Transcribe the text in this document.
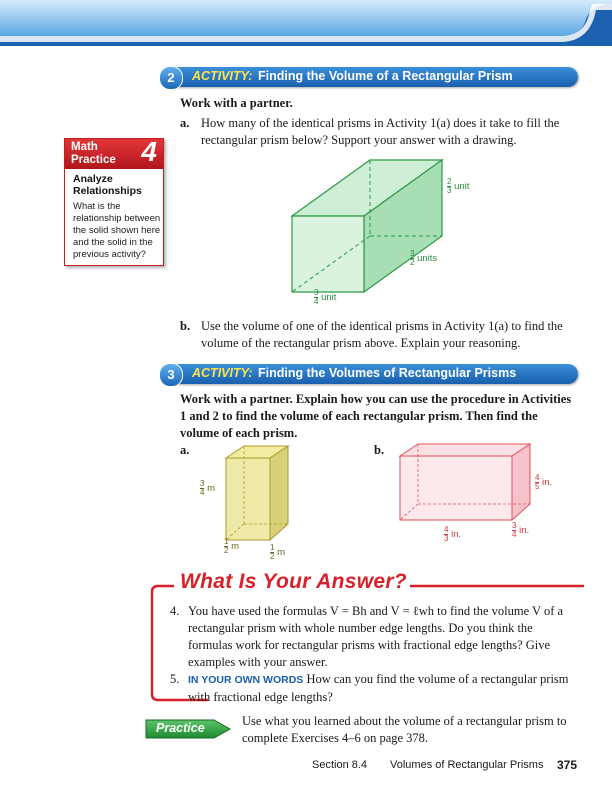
2	ACTIVITY: Finding the Volume of a Rectangular Prism
Work with a partner.
a. How many of the identical prisms in Activity 1(a) does it take to fill the rectangular prism below? Support your answer with a drawing.
Math
Practice 4
Analyze
Relationships
What is the relationship between the solid shown here and the solid in the previous activity?
$\frac{2}{3}$ unit
$\frac{3}{2}$ units
$\frac{3}{4}$ unit
b. Use the volume of one of the identical prisms in Activity 1(a) to find the volume of the rectangular prism above. Explain your reasoning.
3	ACTIVITY: Finding the Volumes of Rectangular Prisms
Work with a partner. Explain how you can use the procedure in Activities 1 and 2 to find the volume of each rectangular prism. Then find the volume of each prism.
a.	b.
$\frac{3}{4}$ m
$\frac{1}{2}$ m	$\frac{1}{2}$ m
$\frac{4}{5}$ in.
$\frac{3}{4}$ in.
$\frac{4}{3}$ in.
What Is Your Answer?
4. You have used the formulas V = Bh and V = ℓwh to find the volume V of a rectangular prism with whole number edge lengths. Do you think the formulas work for rectangular prisms with fractional edge lengths? Give examples with your answer.
5. IN YOUR OWN WORDS How can you find the volume of a rectangular prism with fractional edge lengths?
Practice	Use what you learned about the volume of a rectangular prism to complete Exercises 4–6 on page 378.
Section 8.4 Volumes of Rectangular Prisms 375
